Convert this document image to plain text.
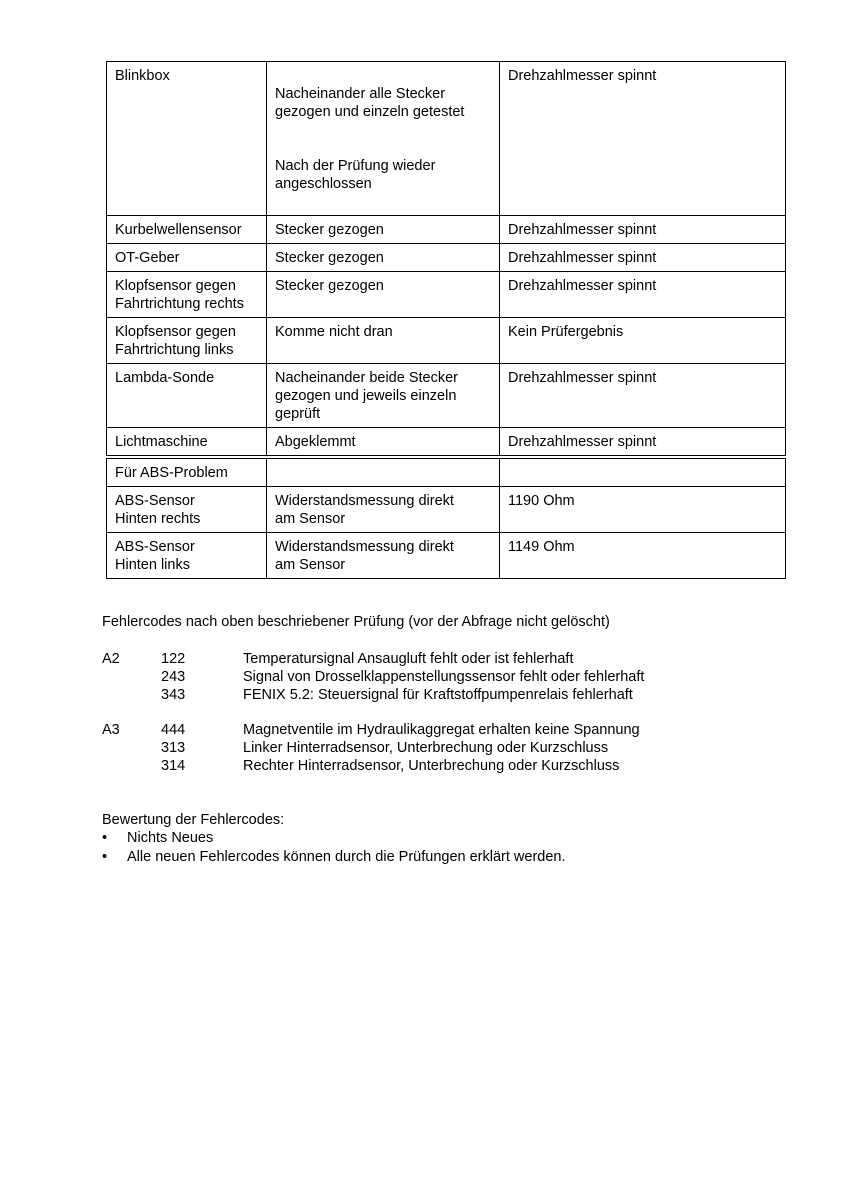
Blinkbox	Nacheinander alle Stecker
gezogen und einzeln getestet

Nach der Prüfung wieder
angeschlossen	Drehzahlmesser spinnt
Kurbelwellensensor	Stecker gezogen	Drehzahlmesser spinnt
OT-Geber	Stecker gezogen	Drehzahlmesser spinnt
Klopfsensor gegen
Fahrtrichtung rechts	Stecker gezogen	Drehzahlmesser spinnt
Klopfsensor gegen
Fahrtrichtung links	Komme nicht dran	Kein Prüfergebnis
Lambda-Sonde	Nacheinander beide Stecker
gezogen und jeweils einzeln
geprüft	Drehzahlmesser spinnt
Lichtmaschine	Abgeklemmt	Drehzahlmesser spinnt
Für ABS-Problem		
ABS-Sensor
Hinten rechts	Widerstandsmessung direkt
am Sensor	1190 Ohm
ABS-Sensor
Hinten links	Widerstandsmessung direkt
am Sensor	1149 Ohm
Fehlercodes nach oben beschriebener Prüfung (vor der Abfrage nicht gelöscht)
A2	122	Temperatursignal Ansaugluft fehlt oder ist fehlerhaft
243	Signal von Drosselklappenstellungssensor fehlt oder fehlerhaft
343	FENIX 5.2: Steuersignal für Kraftstoffpumpenrelais fehlerhaft
A3	444	Magnetventile im Hydraulikaggregat erhalten keine Spannung
313	Linker Hinterradsensor, Unterbrechung oder Kurzschluss
314	Rechter Hinterradsensor, Unterbrechung oder Kurzschluss
Bewertung der Fehlercodes:
• Nichts Neues
• Alle neuen Fehlercodes können durch die Prüfungen erklärt werden.
